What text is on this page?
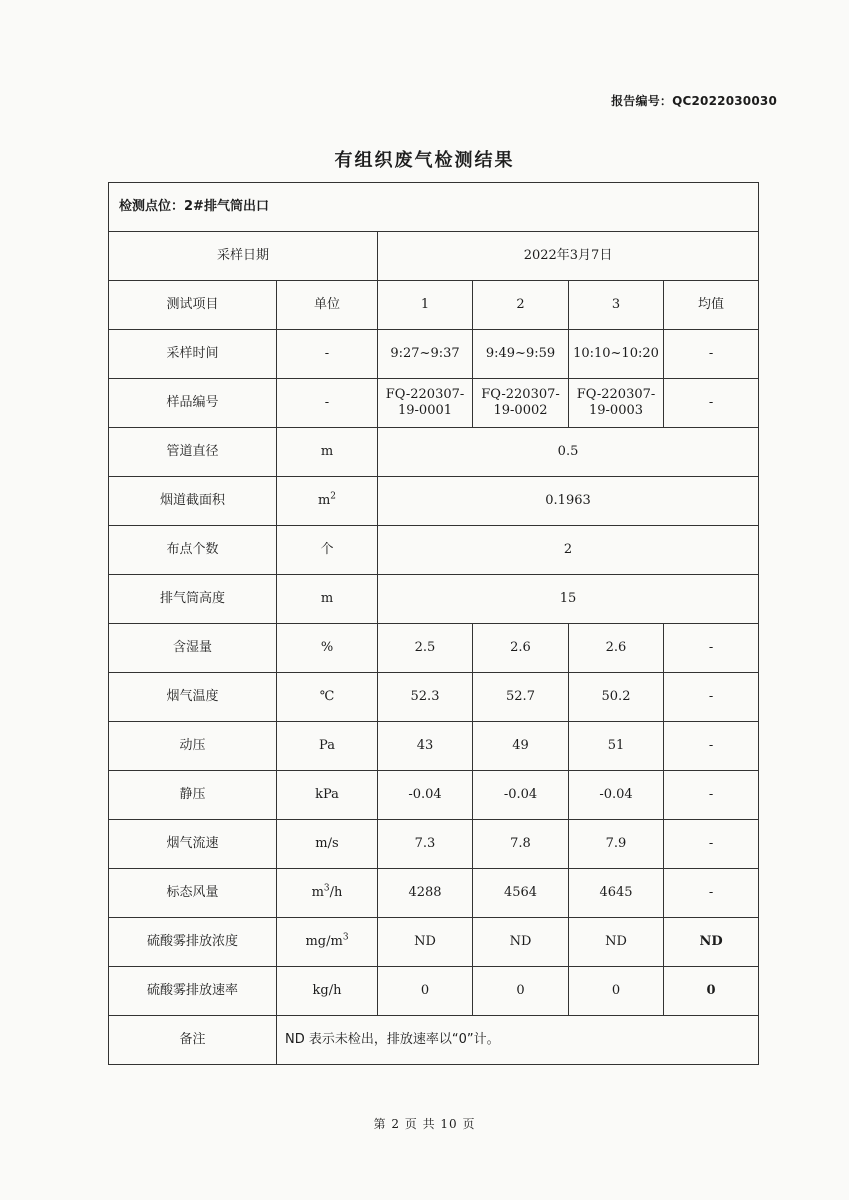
报告编号：QC2022030030
有组织废气检测结果
检测点位：2#排气筒出口					
采样日期		2022年3月7日			
测试项目	单位	1	2	3	均值
采样时间	-	9:27~9:37	9:49~9:59	10:10~10:20	-
样品编号	-	FQ-220307-19-0001	FQ-220307-19-0002	FQ-220307-19-0003	-
管道直径	m	0.5			
烟道截面积	$m^2$	0.1963			
布点个数	个	2			
排气筒高度	m	15			
含湿量	%	2.5	2.6	2.6	-
烟气温度	℃	52.3	52.7	50.2	-
动压	Pa	43	49	51	-
静压	kPa	-0.04	-0.04	-0.04	-
烟气流速	m/s	7.3	7.8	7.9	-
标态风量	$m^3/h$	4288	4564	4645	-
硫酸雾排放浓度	$mg/m^3$	ND	ND	ND	ND
硫酸雾排放速率	kg/h	0	0	0	0
备注	ND 表示未检出，排放速率以“0”计。				
第 2 页 共 10 页
